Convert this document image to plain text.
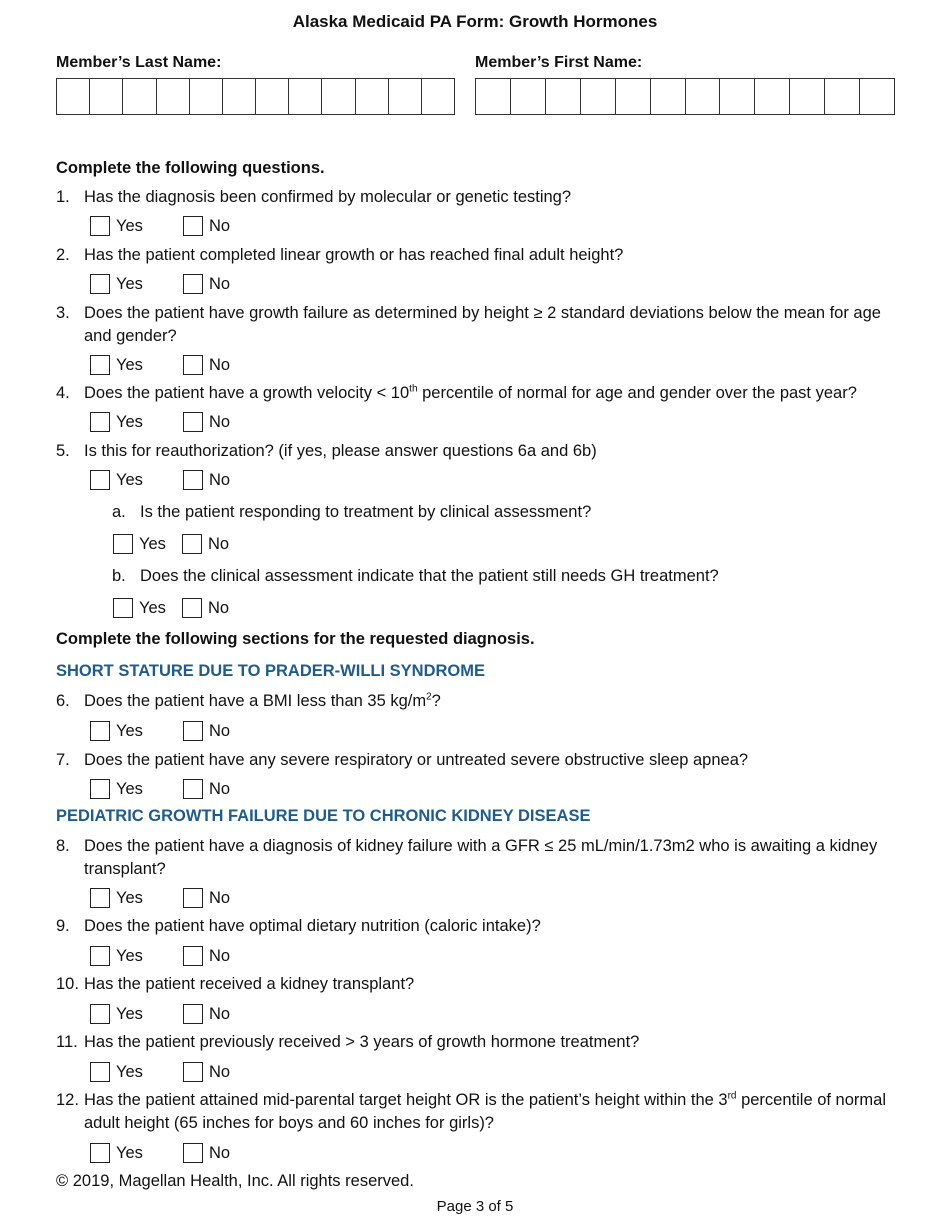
Alaska Medicaid PA Form: Growth Hormones
Member’s Last Name:	Member’s First Name:
Complete the following questions.
1. Has the diagnosis been confirmed by molecular or genetic testing?
Yes	No
2. Has the patient completed linear growth or has reached final adult height?
Yes	No
3. Does the patient have growth failure as determined by height ≥ 2 standard deviations below the mean for age and gender?
Yes	No
4. Does the patient have a growth velocity < 10th percentile of normal for age and gender over the past year?
Yes	No
5. Is this for reauthorization? (if yes, please answer questions 6a and 6b)
Yes	No
a. Is the patient responding to treatment by clinical assessment?
Yes	No
b. Does the clinical assessment indicate that the patient still needs GH treatment?
Yes	No
Complete the following sections for the requested diagnosis.
SHORT STATURE DUE TO PRADER-WILLI SYNDROME
6. Does the patient have a BMI less than 35 $kg/m^2$?
Yes	No
7. Does the patient have any severe respiratory or untreated severe obstructive sleep apnea?
Yes	No
PEDIATRIC GROWTH FAILURE DUE TO CHRONIC KIDNEY DISEASE
8. Does the patient have a diagnosis of kidney failure with a GFR ≤ 25 mL/min/1.73m2 who is awaiting a kidney transplant?
Yes	No
9. Does the patient have optimal dietary nutrition (caloric intake)?
Yes	No
10. Has the patient received a kidney transplant?
Yes	No
11. Has the patient previously received > 3 years of growth hormone treatment?
Yes	No
12. Has the patient attained mid-parental target height OR is the patient’s height within the 3rd percentile of normal adult height (65 inches for boys and 60 inches for girls)?
Yes	No
© 2019, Magellan Health, Inc. All rights reserved.
Page 3 of 5
